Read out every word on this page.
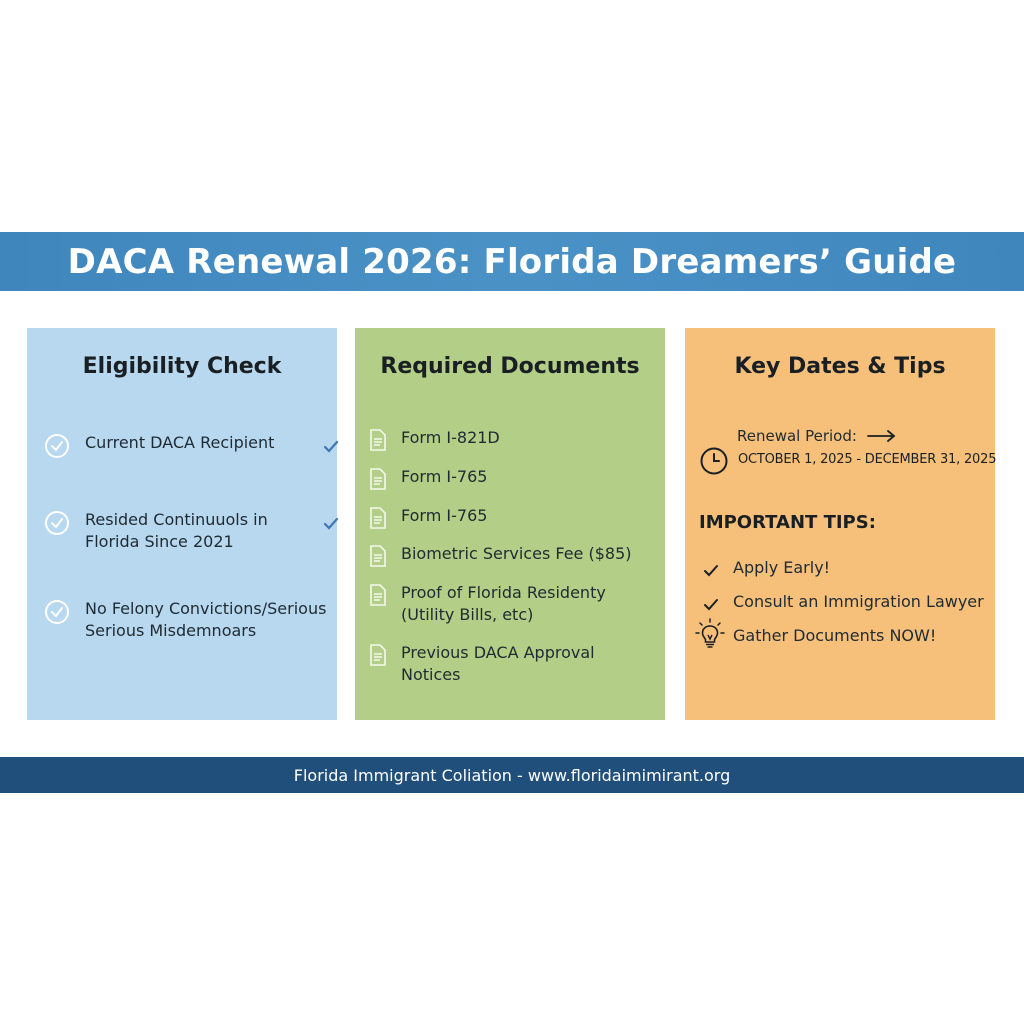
DACA Renewal 2026: Florida Dreamers’ Guide
Eligibility Check
Current DACA Recipient
Resided Continuuols in
Florida Since 2021
No Felony Convictions/Serious
Serious Misdemnoars
Required Documents
Form I-821D
Form I-765
Form I-765
Biometric Services Fee ($85)
Proof of Florida Residenty
(Utility Bills, etc)
Previous DACA Approval
Notices
Key Dates & Tips
Renewal Period:
OCTOBER 1, 2025 - DECEMBER 31, 2025
IMPORTANT TIPS:
Apply Early!
Consult an Immigration Lawyer
Gather Documents NOW!
Florida Immigrant Coliation - www.floridaimimirant.org
